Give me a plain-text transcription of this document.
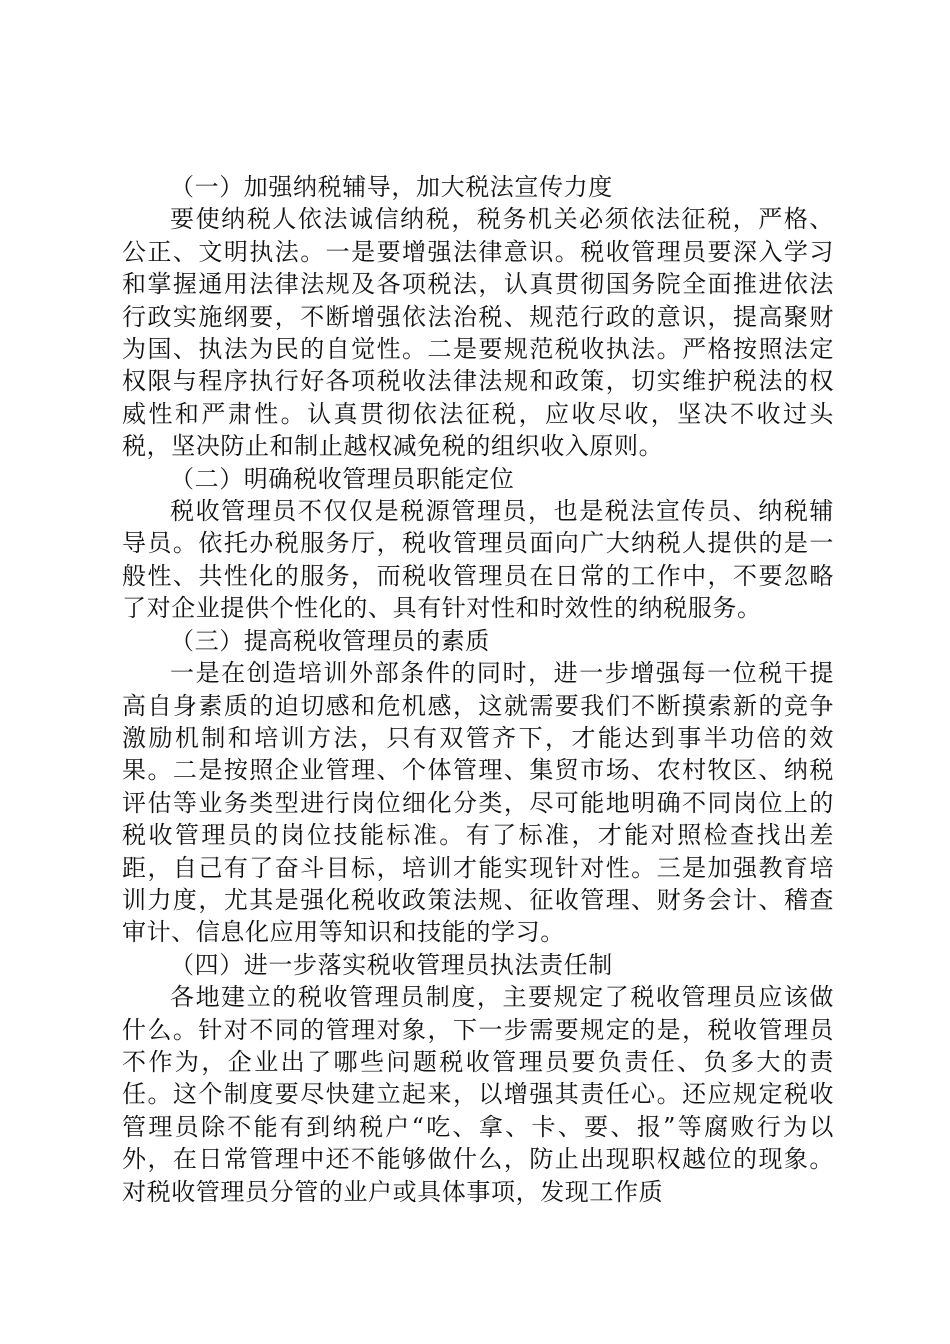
（一）加强纳税辅导，加大税法宣传力度

要使纳税人依法诚信纳税，税务机关必须依法征税，严格、公正、文明执法。一是要增强法律意识。税收管理员要深入学习和掌握通用法律法规及各项税法，认真贯彻国务院全面推进依法行政实施纲要，不断增强依法治税、规范行政的意识，提高聚财为国、执法为民的自觉性。二是要规范税收执法。严格按照法定权限与程序执行好各项税收法律法规和政策，切实维护税法的权威性和严肃性。认真贯彻依法征税，应收尽收，坚决不收过头税，坚决防止和制止越权减免税的组织收入原则。

（二）明确税收管理员职能定位

税收管理员不仅仅是税源管理员，也是税法宣传员、纳税辅导员。依托办税服务厅，税收管理员面向广大纳税人提供的是一般性、共性化的服务，而税收管理员在日常的工作中，不要忽略了对企业提供个性化的、具有针对性和时效性的纳税服务。

（三）提高税收管理员的素质

一是在创造培训外部条件的同时，进一步增强每一位税干提高自身素质的迫切感和危机感，这就需要我们不断摸索新的竞争激励机制和培训方法，只有双管齐下，才能达到事半功倍的效果。二是按照企业管理、个体管理、集贸市场、农村牧区、纳税评估等业务类型进行岗位细化分类，尽可能地明确不同岗位上的税收管理员的岗位技能标准。有了标准，才能对照检查找出差距，自己有了奋斗目标，培训才能实现针对性。三是加强教育培训力度，尤其是强化税收政策法规、征收管理、财务会计、稽查审计、信息化应用等知识和技能的学习。

（四）进一步落实税收管理员执法责任制

各地建立的税收管理员制度，主要规定了税收管理员应该做什么。针对不同的管理对象，下一步需要规定的是，税收管理员不作为，企业出了哪些问题税收管理员要负责任、负多大的责任。这个制度要尽快建立起来，以增强其责任心。还应规定税收管理员除不能有到纳税户“吃、拿、卡、要、报”等腐败行为以外，在日常管理中还不能够做什么，防止出现职权越位的现象。对税收管理员分管的业户或具体事项，发现工作质
